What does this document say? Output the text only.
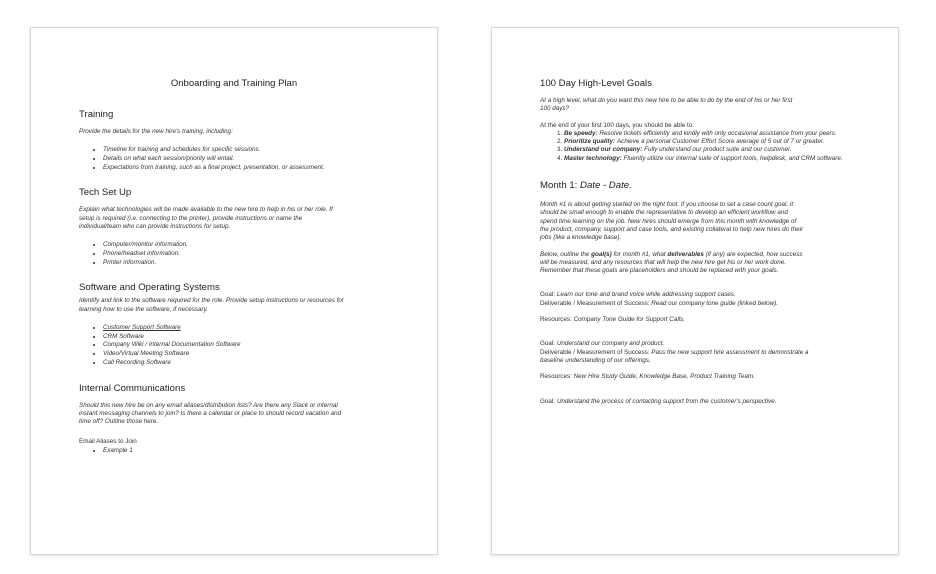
Onboarding and Training Plan
Training

Provide the details for the new hire's training, including:

• Timeline for training and schedules for specific sessions.
• Details on what each session/priority will entail.
• Expectations from training, such as a final project, presentation, or assessment.
Tech Set Up

Explain what technologies will be made available to the new hire to help in his or her role. If

setup is required (i.e. connecting to the printer), provide instructions or name the

individual/team who can provide instructions for setup.

• Computer/monitor information.
• Phone/headset information.
• Printer information.
Software and Operating Systems

Identify and link to the software required for the role. Provide setup instructions or resources for

learning how to use the software, if necessary.

• Customer Support Software
• CRM Software
• Company Wiki / Internal Documentation Software
• Video/Virtual Meeting Software
• Call Recording Software
Internal Communications

Should this new hire be on any email aliases/distribution lists? Are there any Slack or internal

instant messaging channels to join? Is there a calendar or place to should record vacation and

time off? Outline those here.

Email Aliases to Join

• Example 1
100 Day High-Level Goals

At a high level, what do you want this new hire to be able to do by the end of his or her first

100 days?

At the end of your first 100 days, you should be able to:

1. Be speedy: Resolve tickets efficiently and kindly with only occasional assistance from your peers.
2. Prioritize quality: Achieve a personal Customer Effort Score average of 5 out of 7 or greater.
3. Understand our company: Fully understand our product suite and our customer.
4. Master technology: Fluently utilize our internal suite of support tools, helpdesk, and CRM software.
Month 1: Date - Date.

Month #1 is about getting started on the right foot. If you choose to set a case count goal, it

should be small enough to enable the representative to develop an efficient workflow and

spend time learning on the job. New hires should emerge from this month with knowledge of

the product, company, support and case tools, and existing collateral to help new hires do their

jobs (like a knowledge base).

Below, outline the goal(s) for month #1, what deliverables (if any) are expected, how success

will be measured, and any resources that will help the new hire get his or her work done.

Remember that these goals are placeholders and should be replaced with your goals.

Goal: Learn our tone and brand voice while addressing support cases.

Deliverable / Measurement of Success: Read our company tone guide (linked below).

Resources: Company Tone Guide for Support Calls.

Goal: Understand our company and product.

Deliverable / Measurement of Success: Pass the new support hire assessment to demonstrate a

baseline understanding of our offerings.

Resources: New Hire Study Guide, Knowledge Base, Product Training Team.

Goal: Understand the process of contacting support from the customer's perspective.
